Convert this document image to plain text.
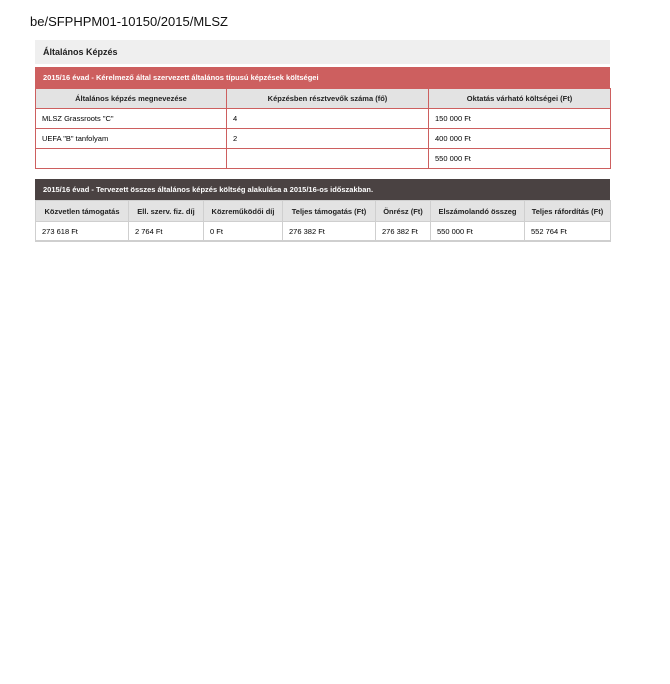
be/SFPHPM01-10150/2015/MLSZ
Általános Képzés
2015/16 évad - Kérelmező által szervezett általános típusú képzések költségei
Általános képzés megnevezése	Képzésben résztvevők száma (fő)	Oktatás várható költségei (Ft)
MLSZ Grassroots "C"	4	150 000 Ft
UEFA "B" tanfolyam	2	400 000 Ft
		550 000 Ft
2015/16 évad - Tervezett összes általános képzés költség alakulása a 2015/16-os időszakban.
Közvetlen támogatás	Ell. szerv. fiz. díj	Közreműködői díj	Teljes támogatás (Ft)	Önrész (Ft)	Elszámolandó összeg	Teljes ráfordítás (Ft)
273 618 Ft	2 764 Ft	0 Ft	276 382 Ft	276 382 Ft	550 000 Ft	552 764 Ft
